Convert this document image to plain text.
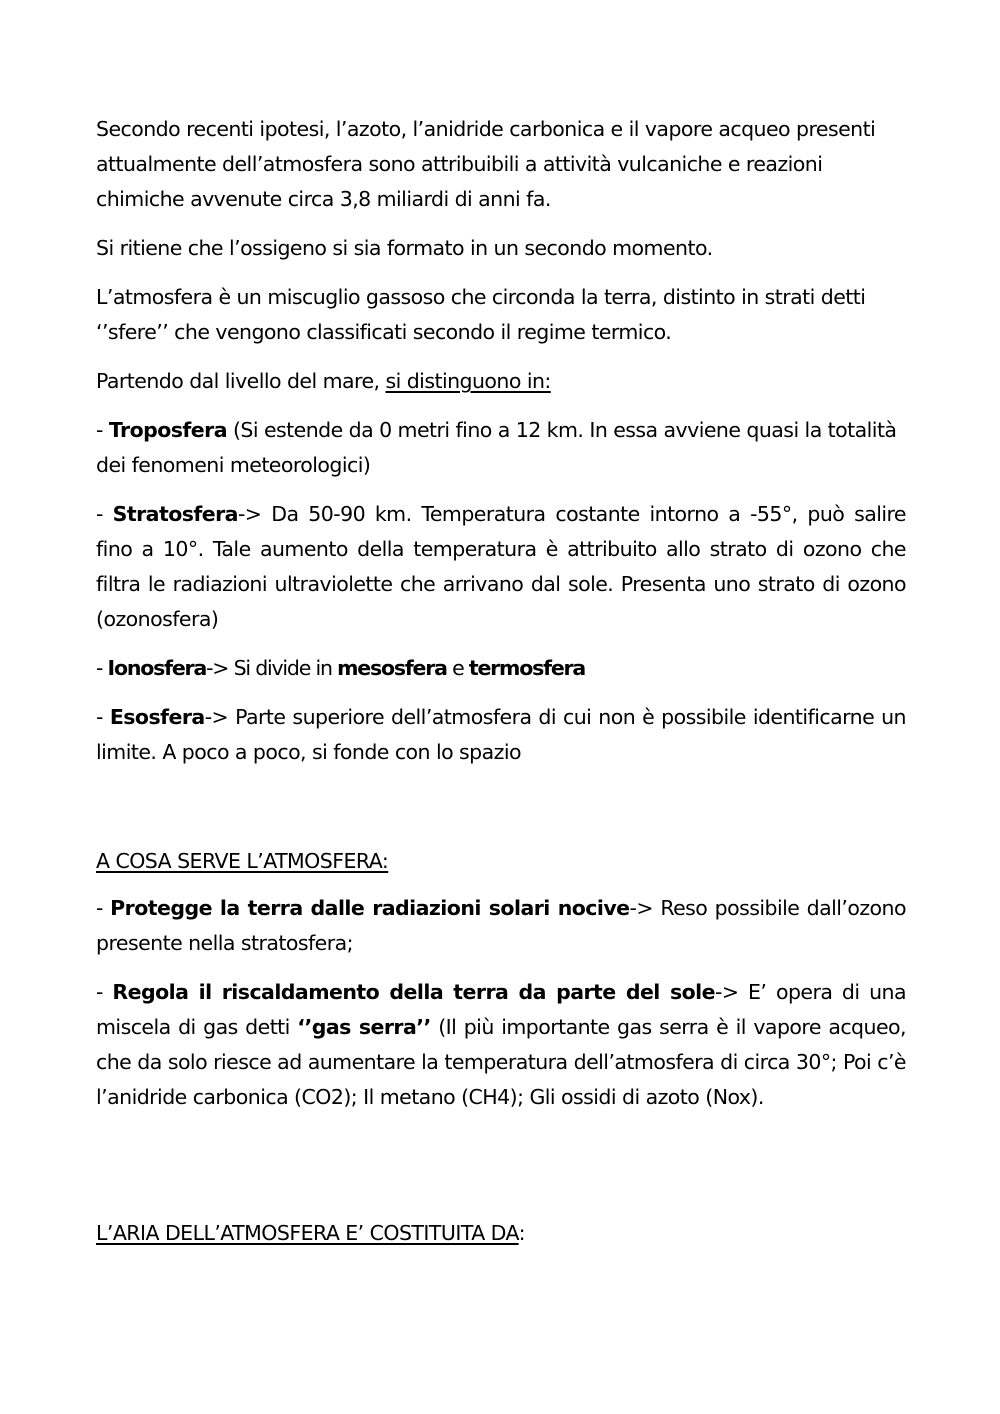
Secondo recenti ipotesi, l’azoto, l’anidride carbonica e il vapore acqueo presenti attualmente dell’atmosfera sono attribuibili a attività vulcaniche e reazioni chimiche avvenute circa 3,8 miliardi di anni fa.

Si ritiene che l’ossigeno si sia formato in un secondo momento.

L’atmosfera è un miscuglio gassoso che circonda la terra, distinto in strati detti ‘’sfere’’ che vengono classificati secondo il regime termico.

Partendo dal livello del mare, si distinguono in:

- Troposfera (Si estende da 0 metri fino a 12 km. In essa avviene quasi la totalità dei fenomeni meteorologici)

- Stratosfera-> Da 50-90 km. Temperatura costante intorno a -55°, può salire fino a 10°. Tale aumento della temperatura è attribuito allo strato di ozono che filtra le radiazioni ultraviolette che arrivano dal sole. Presenta uno strato di ozono (ozonosfera)

- Ionosfera-> Si divide in mesosfera e termosfera

- Esosfera-> Parte superiore dell’atmosfera di cui non è possibile identificarne un limite. A poco a poco, si fonde con lo spazio

A COSA SERVE L’ATMOSFERA:

- Protegge la terra dalle radiazioni solari nocive-> Reso possibile dall’ozono presente nella stratosfera;

- Regola il riscaldamento della terra da parte del sole-> E’ opera di una miscela di gas detti ‘’gas serra’’ (Il più importante gas serra è il vapore acqueo, che da solo riesce ad aumentare la temperatura dell’atmosfera di circa 30°; Poi c’è l’anidride carbonica (CO2); Il metano (CH4); Gli ossidi di azoto (Nox).

L’ARIA DELL’ATMOSFERA E’ COSTITUITA DA:
